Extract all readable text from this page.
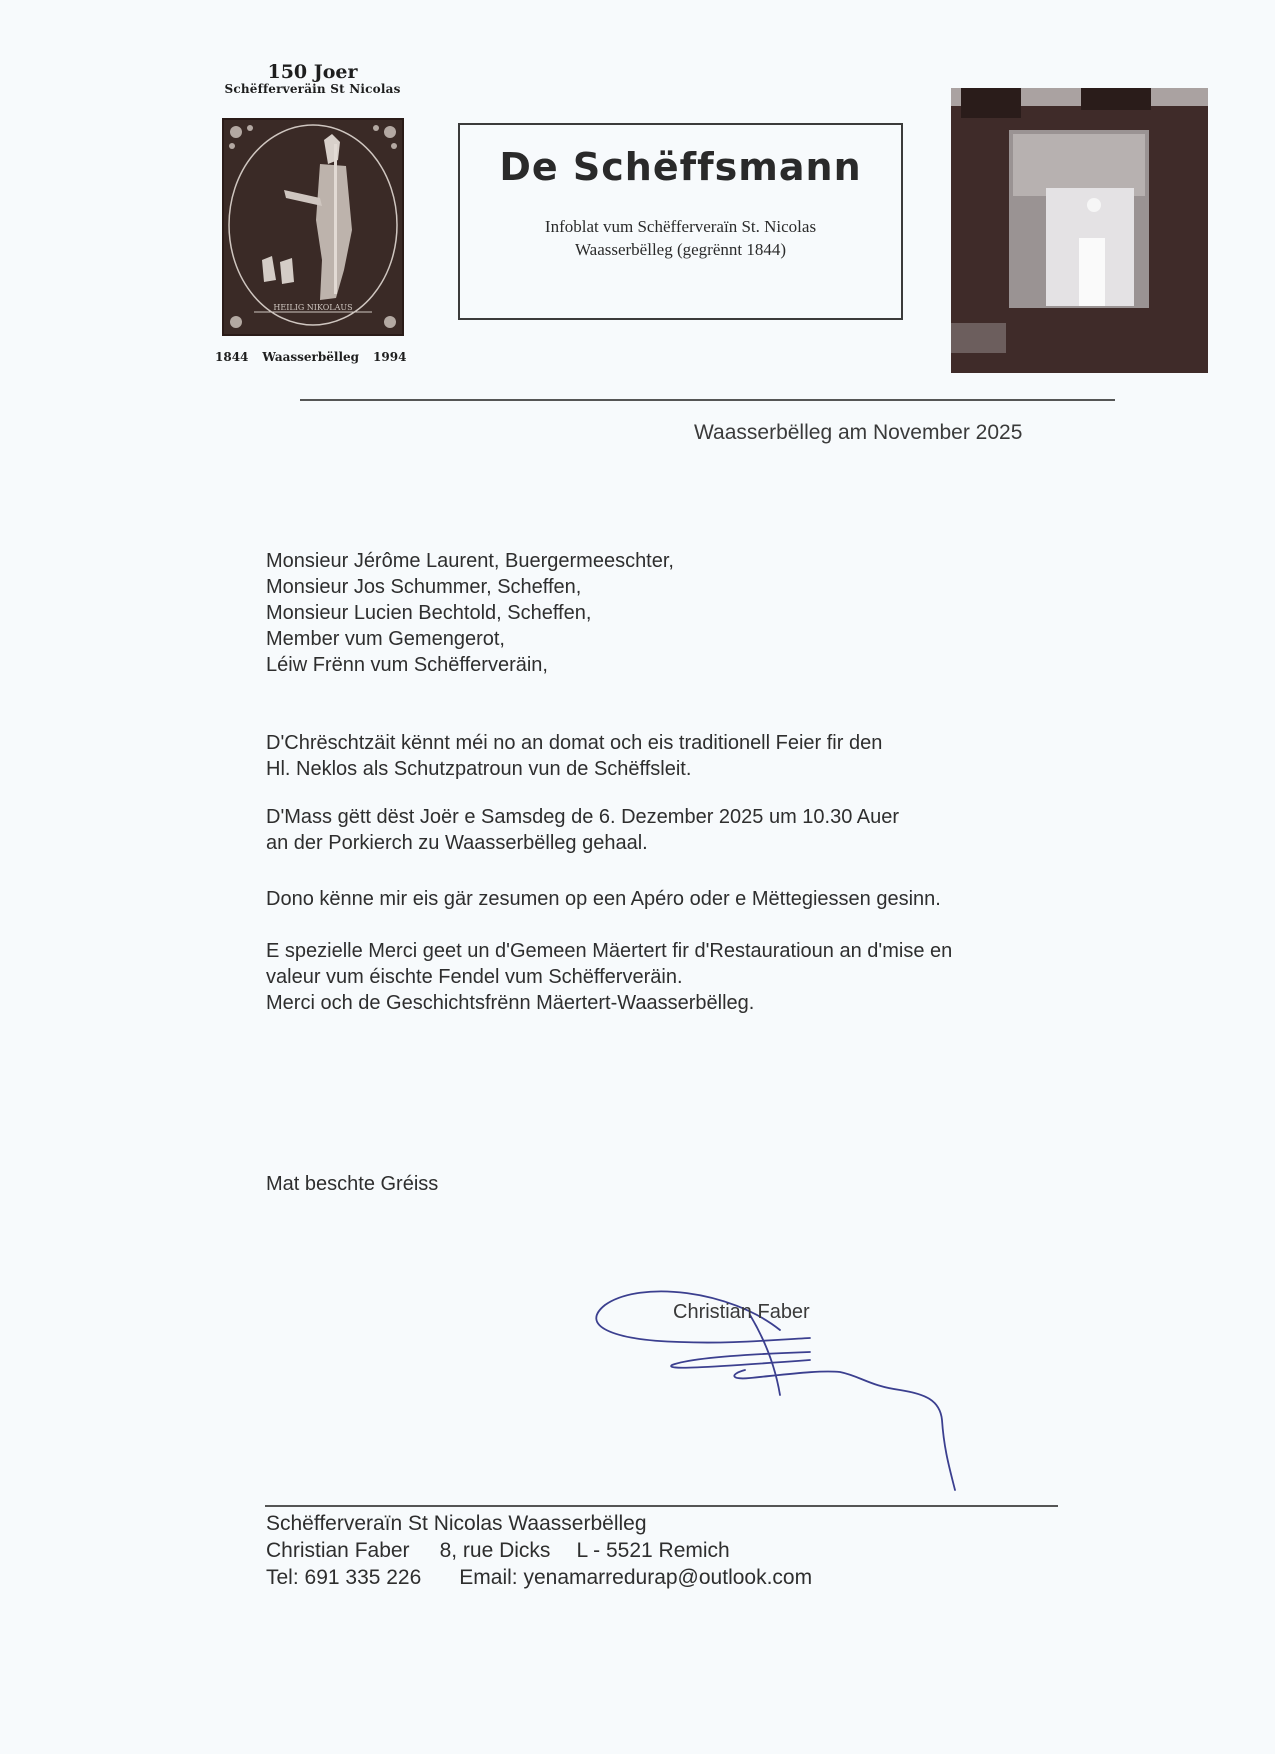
150 Joer
Schëfferveräin St Nicolas
HEILIG NIKOLAUS
1844 Waasserbëlleg 1994
De Schëffsmann
Infoblat vum Schëfferveraïn St. Nicolas
Waasserbëlleg (gegrënnt 1844)
Waasserbëlleg am November 2025
Monsieur Jérôme Laurent, Buergermeeschter,
Monsieur Jos Schummer, Scheffen,
Monsieur Lucien Bechtold, Scheffen,
Member vum Gemengerot,
Léiw Frënn vum Schëfferveräin,
D'Chrëschtzäit kënnt méi no an domat och eis traditionell Feier fir den
Hl. Neklos als Schutzpatroun vun de Schëffsleit.
D'Mass gëtt dëst Joër e Samsdeg de 6. Dezember 2025 um 10.30 Auer
an der Porkierch zu Waasserbëlleg gehaal.
Dono kënne mir eis gär zesumen op een Apéro oder e Mëttegiessen gesinn.
E spezielle Merci geet un d'Gemeen Mäertert fir d'Restauratioun an d'mise en
valeur vum éischte Fendel vum Schëfferveräin.
Merci och de Geschichtsfrënn Mäertert-Waasserbëlleg.
Mat beschte Gréiss
Christian Faber
Schëfferveraïn St Nicolas Waasserbëlleg
Christian Faber 8, rue Dicks L - 5521 Remich
Tel: 691 335 226 Email: yenamarredurap@outlook.com
